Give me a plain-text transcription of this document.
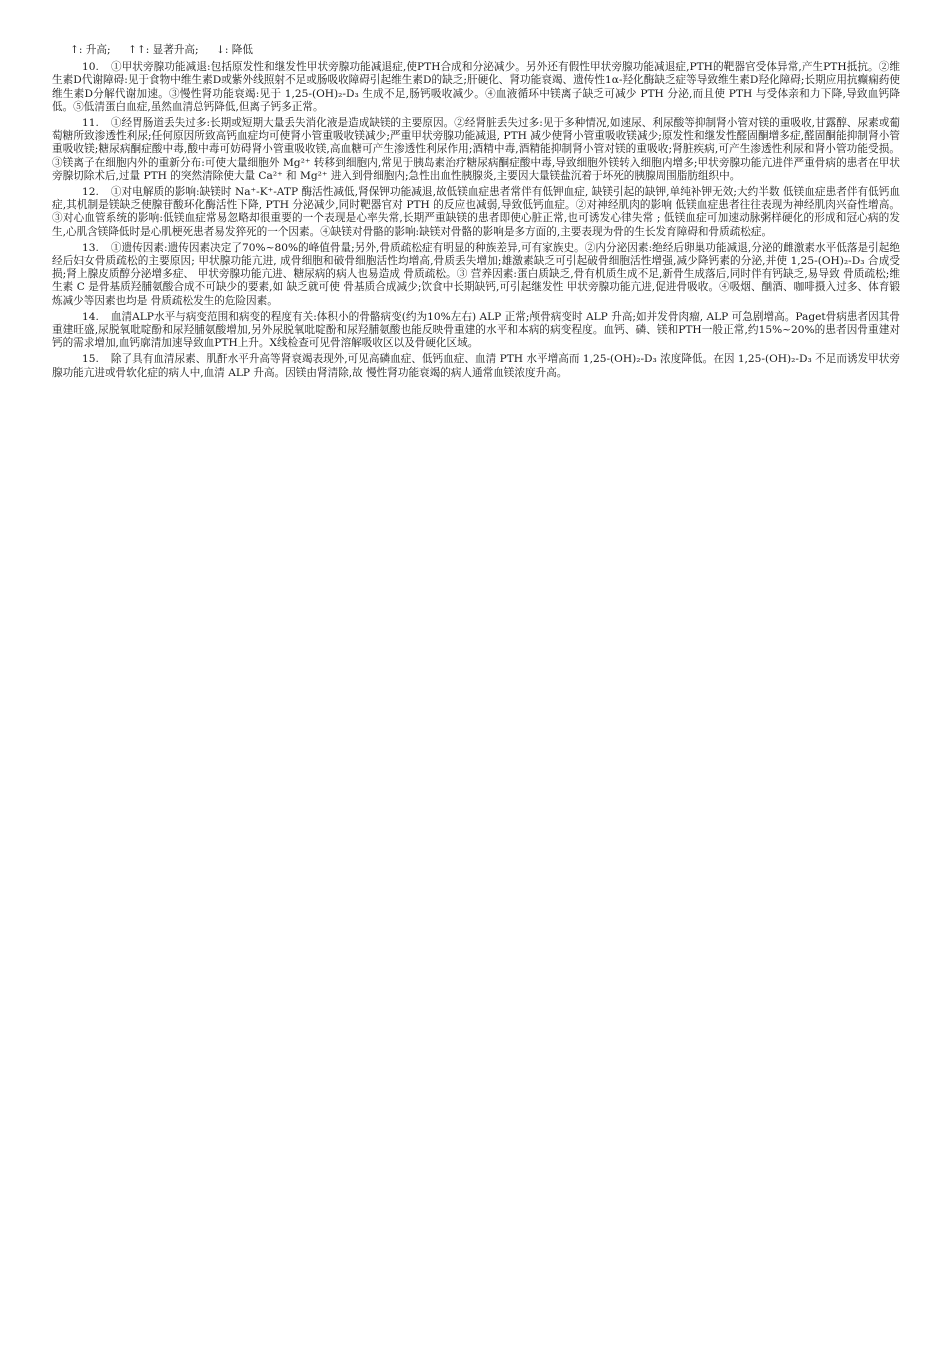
↑: 升高; ↑↑: 显著升高; ↓: 降低

10. ①甲状旁腺功能减退:包括原发性和继发性甲状旁腺功能减退症,使PTH合成和分泌减少。另外还有假性甲状旁腺功能减退症,PTH的靶器官受体异常,产生PTH抵抗。②维生素D代谢障碍:见于食物中维生素D或紫外线照射不足或肠吸收障碍引起维生素D的缺乏;肝硬化、肾功能衰竭、遗传性1α-羟化酶缺乏症等导致维生素D羟化障碍;长期应用抗癫痫药使维生素D分解代谢加速。③慢性肾功能衰竭:见于 1,25-(OH)₂-D₃ 生成不足,肠钙吸收减少。④血液循环中镁离子缺乏可减少 PTH 分泌,而且使 PTH 与受体亲和力下降,导致血钙降低。⑤低清蛋白血症,虽然血清总钙降低,但离子钙多正常。

11. ①经胃肠道丢失过多:长期或短期大量丢失消化液是造成缺镁的主要原因。②经肾脏丢失过多:见于多种情况,如速尿、利尿酸等抑制肾小管对镁的重吸收,甘露醇、尿素或葡萄糖所致渗透性利尿;任何原因所致高钙血症均可使肾小管重吸收镁减少;严重甲状旁腺功能减退, PTH 减少使肾小管重吸收镁减少;原发性和继发性醛固酮增多症,醛固酮能抑制肾小管重吸收镁;糖尿病酮症酸中毒,酸中毒可妨碍肾小管重吸收镁,高血糖可产生渗透性利尿作用;酒精中毒,酒精能抑制肾小管对镁的重吸收;肾脏疾病,可产生渗透性利尿和肾小管功能受损。③镁离子在细胞内外的重新分布:可使大量细胞外 Mg²⁺ 转移到细胞内,常见于胰岛素治疗糖尿病酮症酸中毒,导致细胞外镁转入细胞内增多;甲状旁腺功能亢进伴严重骨病的患者在甲状旁腺切除术后,过量 PTH 的突然清除使大量 Ca²⁺ 和 Mg²⁺ 进入到骨细胞内;急性出血性胰腺炎,主要因大量镁盐沉着于坏死的胰腺周围脂肪组织中。

12. ①对电解质的影响:缺镁时 Na⁺-K⁺-ATP 酶活性减低,肾保钾功能减退,故低镁血症患者常伴有低钾血症, 缺镁引起的缺钾,单纯补钾无效;大约半数 低镁血症患者伴有低钙血症,其机制是镁缺乏使腺苷酸环化酶活性下降, PTH 分泌减少,同时靶器官对 PTH 的反应也减弱,导致低钙血症。②对神经肌肉的影响 低镁血症患者往往表现为神经肌肉兴奋性增高。③对心血管系统的影响:低镁血症常易忽略却很重要的一个表现是心率失常,长期严重缺镁的患者即使心脏正常,也可诱发心律失常 ; 低镁血症可加速动脉粥样硬化的形成和冠心病的发生,心肌含镁降低时是心肌梗死患者易发猝死的一个因素。④缺镁对骨骼的影响:缺镁对骨骼的影响是多方面的,主要表现为骨的生长发育障碍和骨质疏松症。

13. ①遗传因素:遗传因素决定了70%~80%的峰值骨量;另外,骨质疏松症有明显的种族差异,可有家族史。②内分泌因素:绝经后卵巢功能减退,分泌的雌激素水平低落是引起绝经后妇女骨质疏松的主要原因; 甲状腺功能亢进, 成骨细胞和破骨细胞活性均增高,骨质丢失增加;雄激素缺乏可引起破骨细胞活性增强,减少降钙素的分泌,并使 1,25-(OH)₂-D₃ 合成受损;肾上腺皮质醇分泌增多症、 甲状旁腺功能亢进、糖尿病的病人也易造成 骨质疏松。③ 营养因素:蛋白质缺乏,骨有机质生成不足,新骨生成落后,同时伴有钙缺乏,易导致 骨质疏松;维生素 C 是骨基质羟脯氨酸合成不可缺少的要素,如 缺乏就可使 骨基质合成减少;饮食中长期缺钙,可引起继发性 甲状旁腺功能亢进,促进骨吸收。④吸烟、酗酒、咖啡摄入过多、体育锻炼减少等因素也均是 骨质疏松发生的危险因素。

14. 血清ALP水平与病变范围和病变的程度有关:体积小的骨骼病变(约为10%左右) ALP 正常;颅骨病变时 ALP 升高;如并发骨肉瘤, ALP 可急剧增高。Paget骨病患者因其骨重建旺盛,尿脱氧吡啶酚和尿羟脯氨酸增加,另外尿脱氧吡啶酚和尿羟脯氨酸也能反映骨重建的水平和本病的病变程度。血钙、磷、镁和PTH一般正常,约15%~20%的患者因骨重建对钙的需求增加,血钙廓清加速导致血PTH上升。X线检查可见骨溶解吸收区以及骨硬化区域。

15. 除了具有血清尿素、肌酐水平升高等肾衰竭表现外,可见高磷血症、低钙血症、血清 PTH 水平增高而 1,25-(OH)₂-D₃ 浓度降低。在因 1,25-(OH)₂-D₃ 不足而诱发甲状旁腺功能亢进或骨软化症的病人中,血清 ALP 升高。因镁由肾清除,故 慢性肾功能衰竭的病人通常血镁浓度升高。
